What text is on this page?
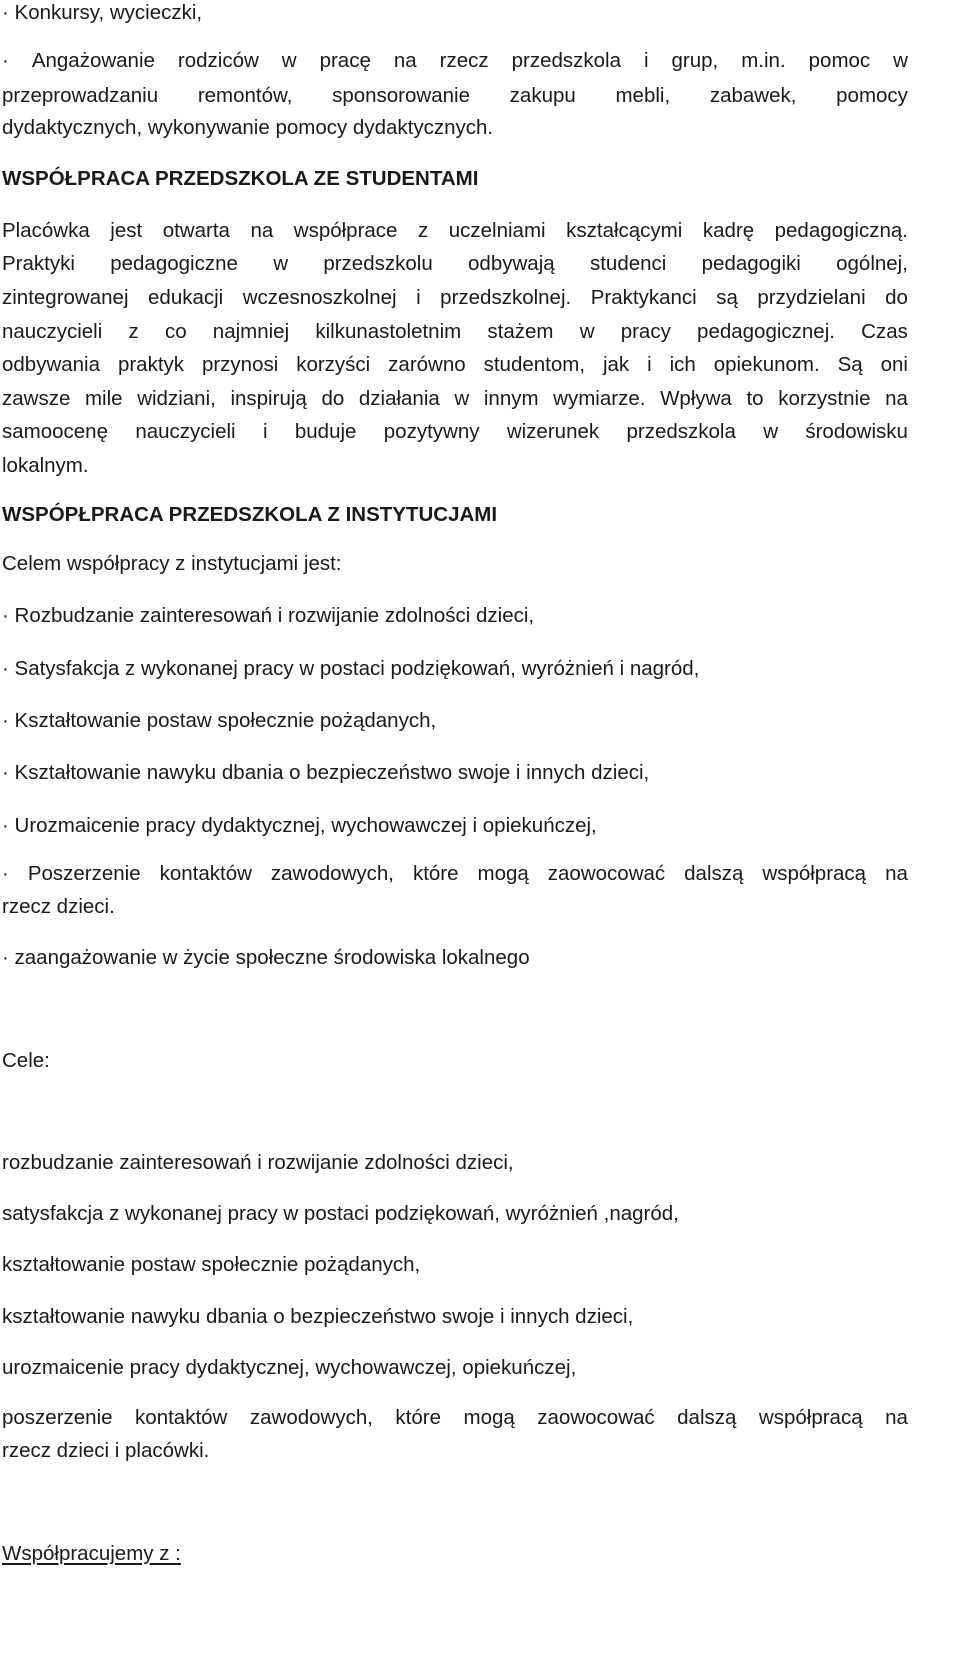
· Konkursy, wycieczki,
· Angażowanie rodziców w pracę na rzecz przedszkola i grup, m.in. pomoc w
przeprowadzaniu remontów, sponsorowanie zakupu mebli, zabawek, pomocy
dydaktycznych, wykonywanie pomocy dydaktycznych.
WSPÓŁPRACA PRZEDSZKOLA ZE STUDENTAMI
Placówka jest otwarta na współprace z uczelniami kształcącymi kadrę pedagogiczną.
Praktyki pedagogiczne w przedszkolu odbywają studenci pedagogiki ogólnej,
zintegrowanej edukacji wczesnoszkolnej i przedszkolnej. Praktykanci są przydzielani do
nauczycieli z co najmniej kilkunastoletnim stażem w pracy pedagogicznej. Czas
odbywania praktyk przynosi korzyści zarówno studentom, jak i ich opiekunom. Są oni
zawsze mile widziani, inspirują do działania w innym wymiarze. Wpływa to korzystnie na
samoocenę nauczycieli i buduje pozytywny wizerunek przedszkola w środowisku
lokalnym.
WSPÓPŁPRACA PRZEDSZKOLA Z INSTYTUCJAMI
Celem współpracy z instytucjami jest:
· Rozbudzanie zainteresowań i rozwijanie zdolności dzieci,
· Satysfakcja z wykonanej pracy w postaci podziękowań, wyróżnień i nagród,
· Kształtowanie postaw społecznie pożądanych,
· Kształtowanie nawyku dbania o bezpieczeństwo swoje i innych dzieci,
· Urozmaicenie pracy dydaktycznej, wychowawczej i opiekuńczej,
· Poszerzenie kontaktów zawodowych, które mogą zaowocować dalszą współpracą na
rzecz dzieci.
· zaangażowanie w życie społeczne środowiska lokalnego
Cele:
rozbudzanie zainteresowań i rozwijanie zdolności dzieci,
satysfakcja z wykonanej pracy w postaci podziękowań, wyróżnień ,nagród,
kształtowanie postaw społecznie pożądanych,
kształtowanie nawyku dbania o bezpieczeństwo swoje i innych dzieci,
urozmaicenie pracy dydaktycznej, wychowawczej, opiekuńczej,
poszerzenie kontaktów zawodowych, które mogą zaowocować dalszą współpracą na
rzecz dzieci i placówki.
Współpracujemy z :
